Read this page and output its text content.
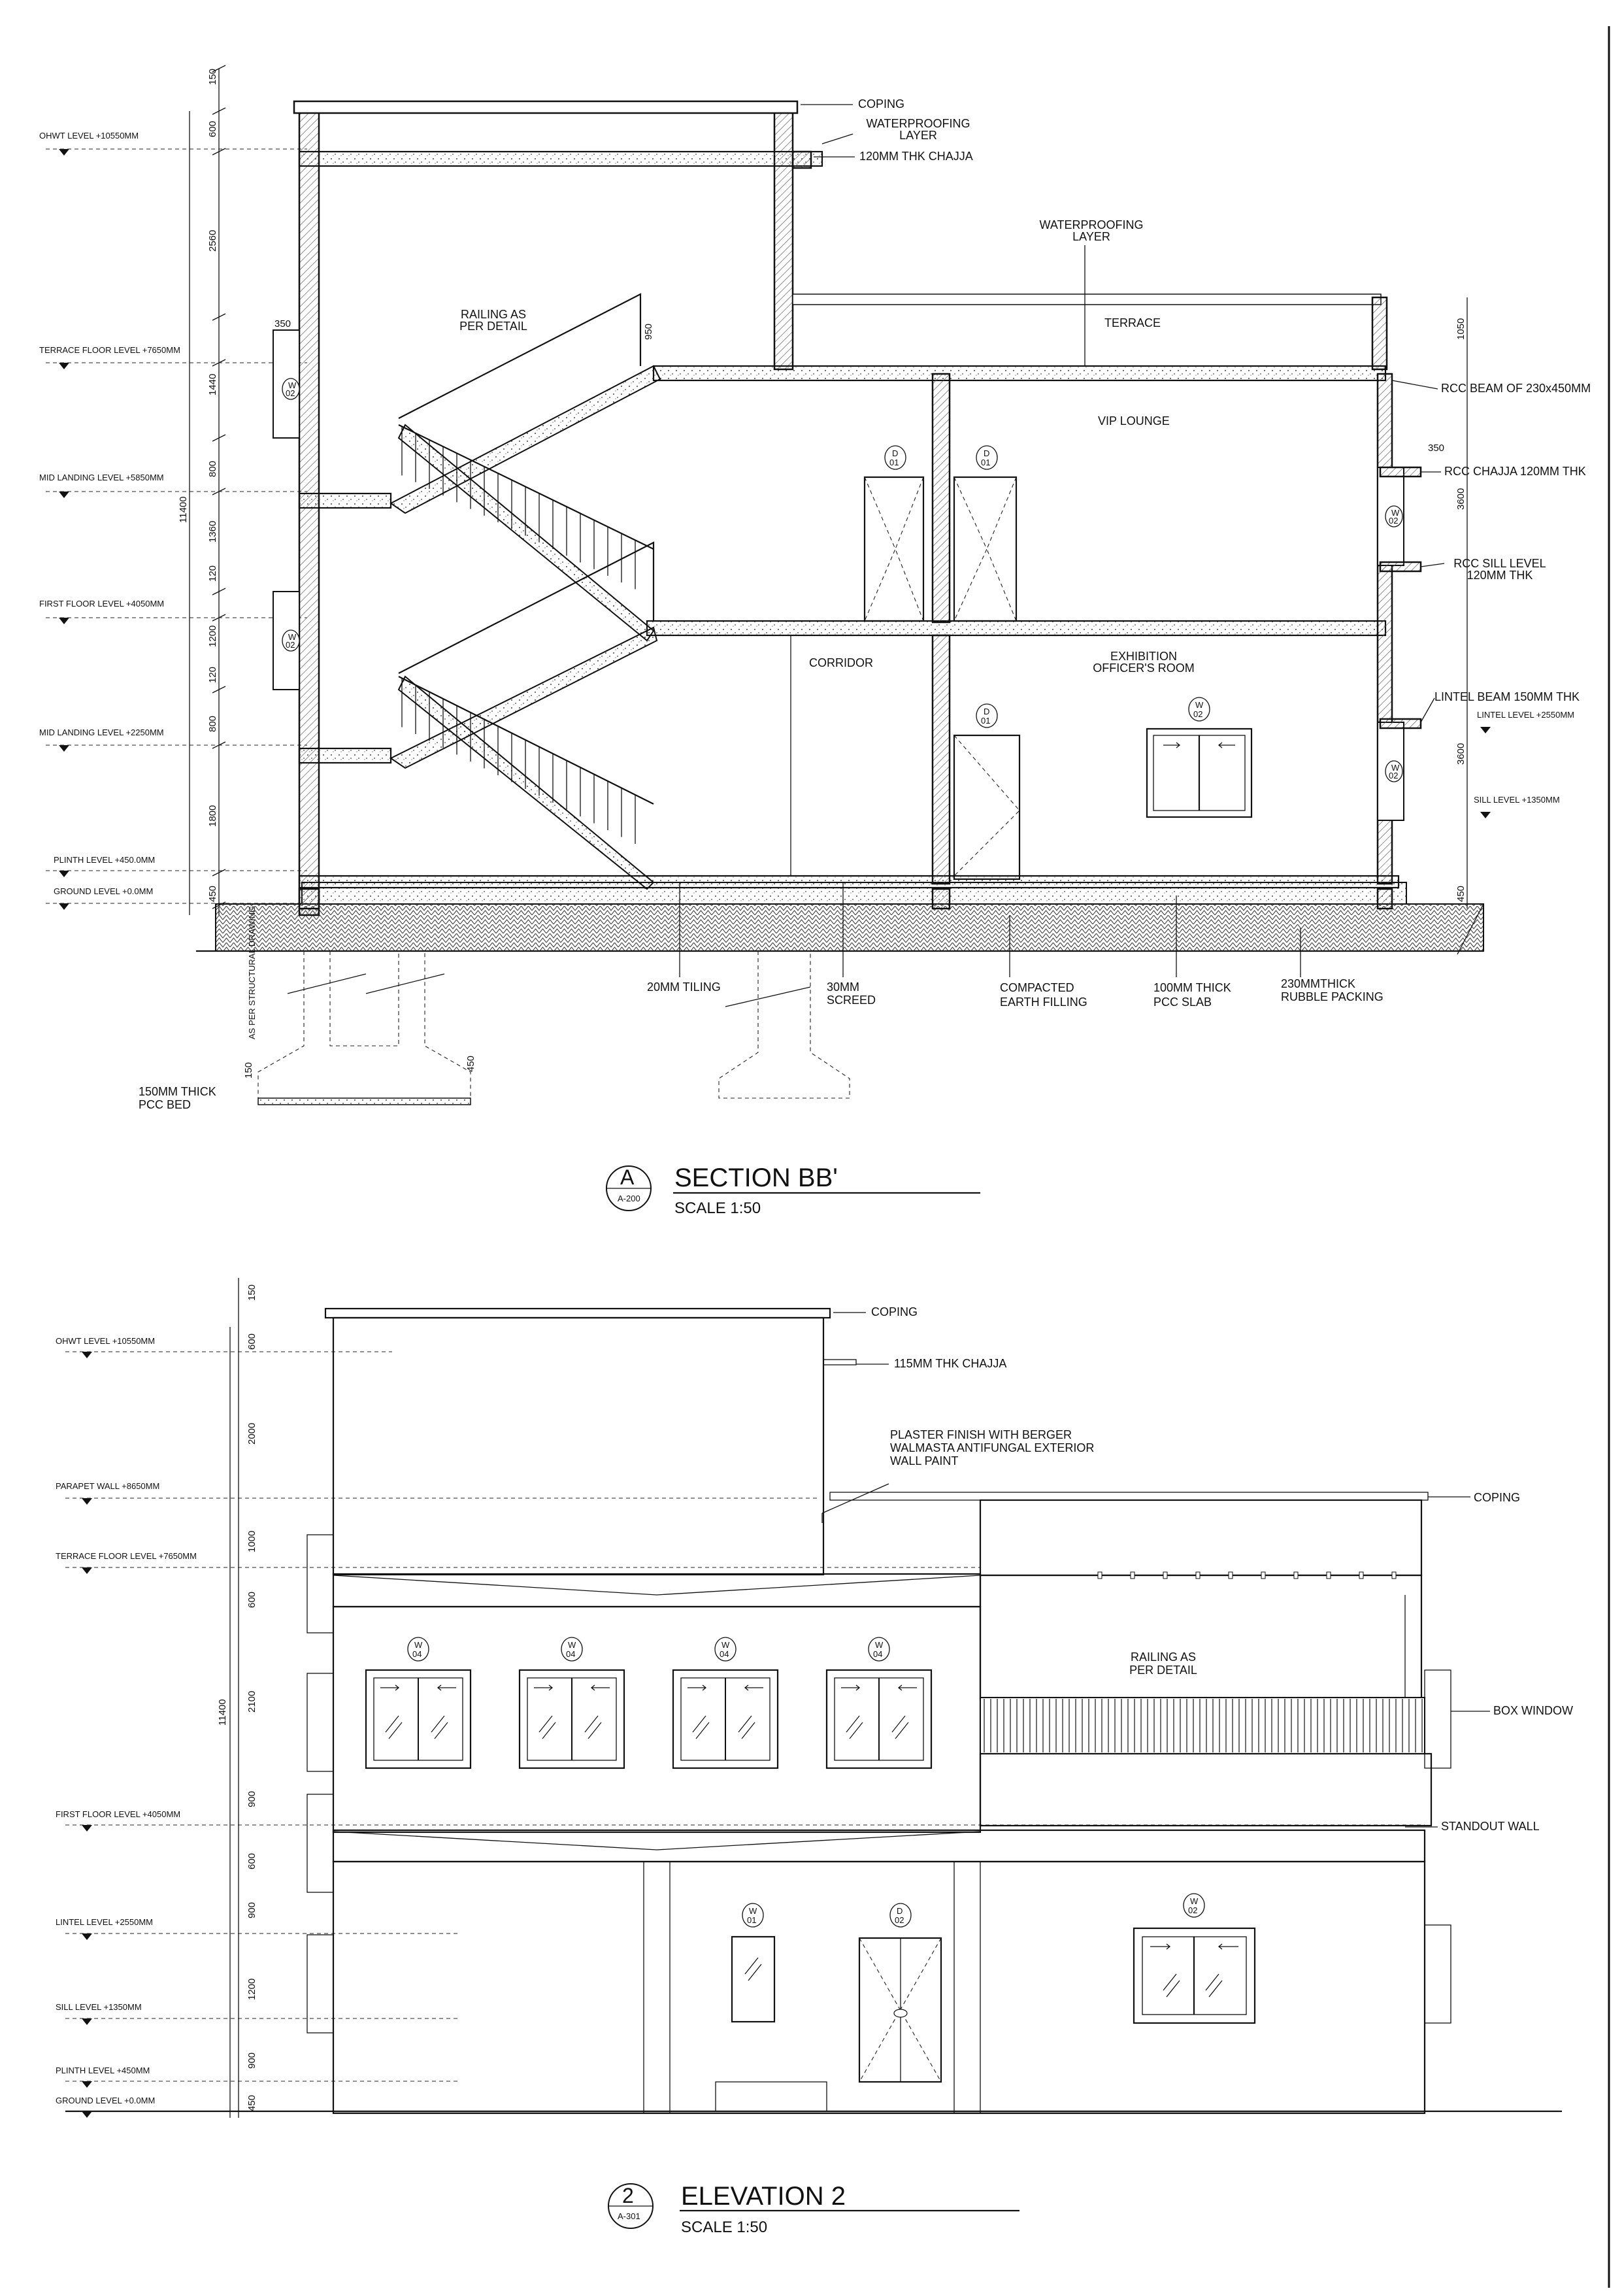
150
600
2560
350
1440
800
1360
120
1200
120
800
1800
450
150	450
11400
OHWT LEVEL +10550MM
TERRACE FLOOR LEVEL +7650MM
MID LANDING LEVEL +5850MM
FIRST FLOOR LEVEL +4050MM
MID LANDING LEVEL +2250MM
PLINTH LEVEL +450.0MM
GROUND LEVEL +0.0MM
W
02
W
02
W
02
W
02
D
01
D
01
D
01
W
02
1050
350
3600
3600
450
COPING
WATERPROOFING LAYER
120MM THK CHAJJA
WATERPROOFING LAYER
TERRACE
RAILING AS PER DETAIL	950
RCC BEAM OF 230x450MM
VIP LOUNGE
RCC CHAJJA 120MM THK
RCC SILL LEVEL 120MM THK
CORRIDOR	EXHIBITION OFFICER'S ROOM
LINTEL BEAM 150MM THK
LINTEL LEVEL +2550MM
SILL LEVEL +1350MM
20MM TILING	30MM SCREED
COMPACTED EARTH FILLING
100MM THICK PCC SLAB
230MMTHICK RUBBLE PACKING
150MM THICK PCC BED
AS PER STRUCTURAL DRAWING
A
A-200
SECTION BB'
SCALE 1:50
150
600
2000
1000
600
2100
900
600
900
1200
900
450
11400
OHWT LEVEL +10550MM
PARAPET WALL +8650MM
TERRACE FLOOR LEVEL +7650MM
FIRST FLOOR LEVEL +4050MM
LINTEL LEVEL +2550MM
SILL LEVEL +1350MM
PLINTH LEVEL +450MM
GROUND LEVEL +0.0MM
W
04
W
04
W
04
W
04
W
01
D
02
W
02
COPING
115MM THK CHAJJA
PLASTER FINISH WITH BERGER WALMASTA ANTIFUNGAL EXTERIOR WALL PAINT
COPING
BOX WINDOW
RAILING AS PER DETAIL
STANDOUT WALL
2
A-301
ELEVATION 2
SCALE 1:50
